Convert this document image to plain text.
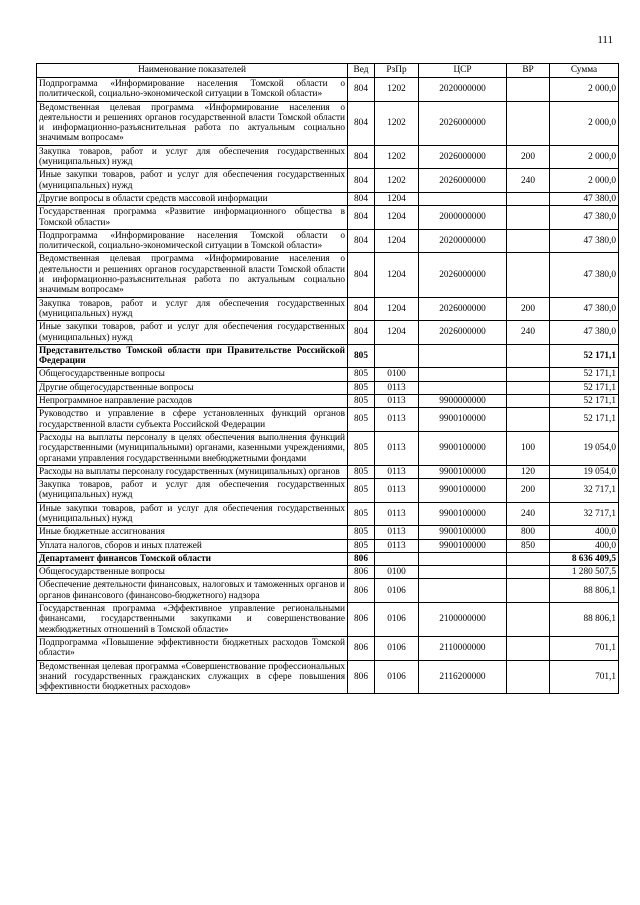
111
Наименование показателей	Вед	РзПр	ЦСР	ВР	Сумма
Подпрограмма «Информирование населения Томской области о политической, социально-экономической ситуации в Томской области»	804	1202	2020000000		2 000,0
Ведомственная целевая программа «Информирование населения о деятельности и решениях органов государственной власти Томской области и информационно-разъяснительная работа по актуальным социально значимым вопросам»	804	1202	2026000000		2 000,0
Закупка товаров, работ и услуг для обеспечения государственных (муниципальных) нужд	804	1202	2026000000	200	2 000,0
Иные закупки товаров, работ и услуг для обеспечения государственных (муниципальных) нужд	804	1202	2026000000	240	2 000,0
Другие вопросы в области средств массовой информации	804	1204			47 380,0
Государственная программа «Развитие информационного общества в Томской области»	804	1204	2000000000		47 380,0
Подпрограмма «Информирование населения Томской области о политической, социально-экономической ситуации в Томской области»	804	1204	2020000000		47 380,0
Ведомственная целевая программа «Информирование населения о деятельности и решениях органов государственной власти Томской области и информационно-разъяснительная работа по актуальным социально значимым вопросам»	804	1204	2026000000		47 380,0
Закупка товаров, работ и услуг для обеспечения государственных (муниципальных) нужд	804	1204	2026000000	200	47 380,0
Иные закупки товаров, работ и услуг для обеспечения государственных (муниципальных) нужд	804	1204	2026000000	240	47 380,0
Представительство Томской области при Правительстве Российской Федерации	805				52 171,1
Общегосударственные вопросы	805	0100			52 171,1
Другие общегосударственные вопросы	805	0113			52 171,1
Непрограммное направление расходов	805	0113	9900000000		52 171,1
Руководство и управление в сфере установленных функций органов государственной власти субъекта Российской Федерации	805	0113	9900100000		52 171,1
Расходы на выплаты персоналу в целях обеспечения выполнения функций государственными (муниципальными) органами, казенными учреждениями, органами управления государственными внебюджетными фондами	805	0113	9900100000	100	19 054,0
Расходы на выплаты персоналу государственных (муниципальных) органов	805	0113	9900100000	120	19 054,0
Закупка товаров, работ и услуг для обеспечения государственных (муниципальных) нужд	805	0113	9900100000	200	32 717,1
Иные закупки товаров, работ и услуг для обеспечения государственных (муниципальных) нужд	805	0113	9900100000	240	32 717,1
Иные бюджетные ассигнования	805	0113	9900100000	800	400,0
Уплата налогов, сборов и иных платежей	805	0113	9900100000	850	400,0
Департамент финансов Томской области	806				8 636 409,5
Общегосударственные вопросы	806	0100			1 280 507,5
Обеспечение деятельности финансовых, налоговых и таможенных органов и органов финансового (финансово-бюджетного) надзора	806	0106			88 806,1
Государственная программа «Эффективное управление региональными финансами, государственными закупками и совершенствование межбюджетных отношений в Томской области»	806	0106	2100000000		88 806,1
Подпрограмма «Повышение эффективности бюджетных расходов Томской области»	806	0106	2110000000		701,1
Ведомственная целевая программа «Совершенствование профессиональных знаний государственных гражданских служащих в сфере повышения эффективности бюджетных расходов»	806	0106	2116200000		701,1
